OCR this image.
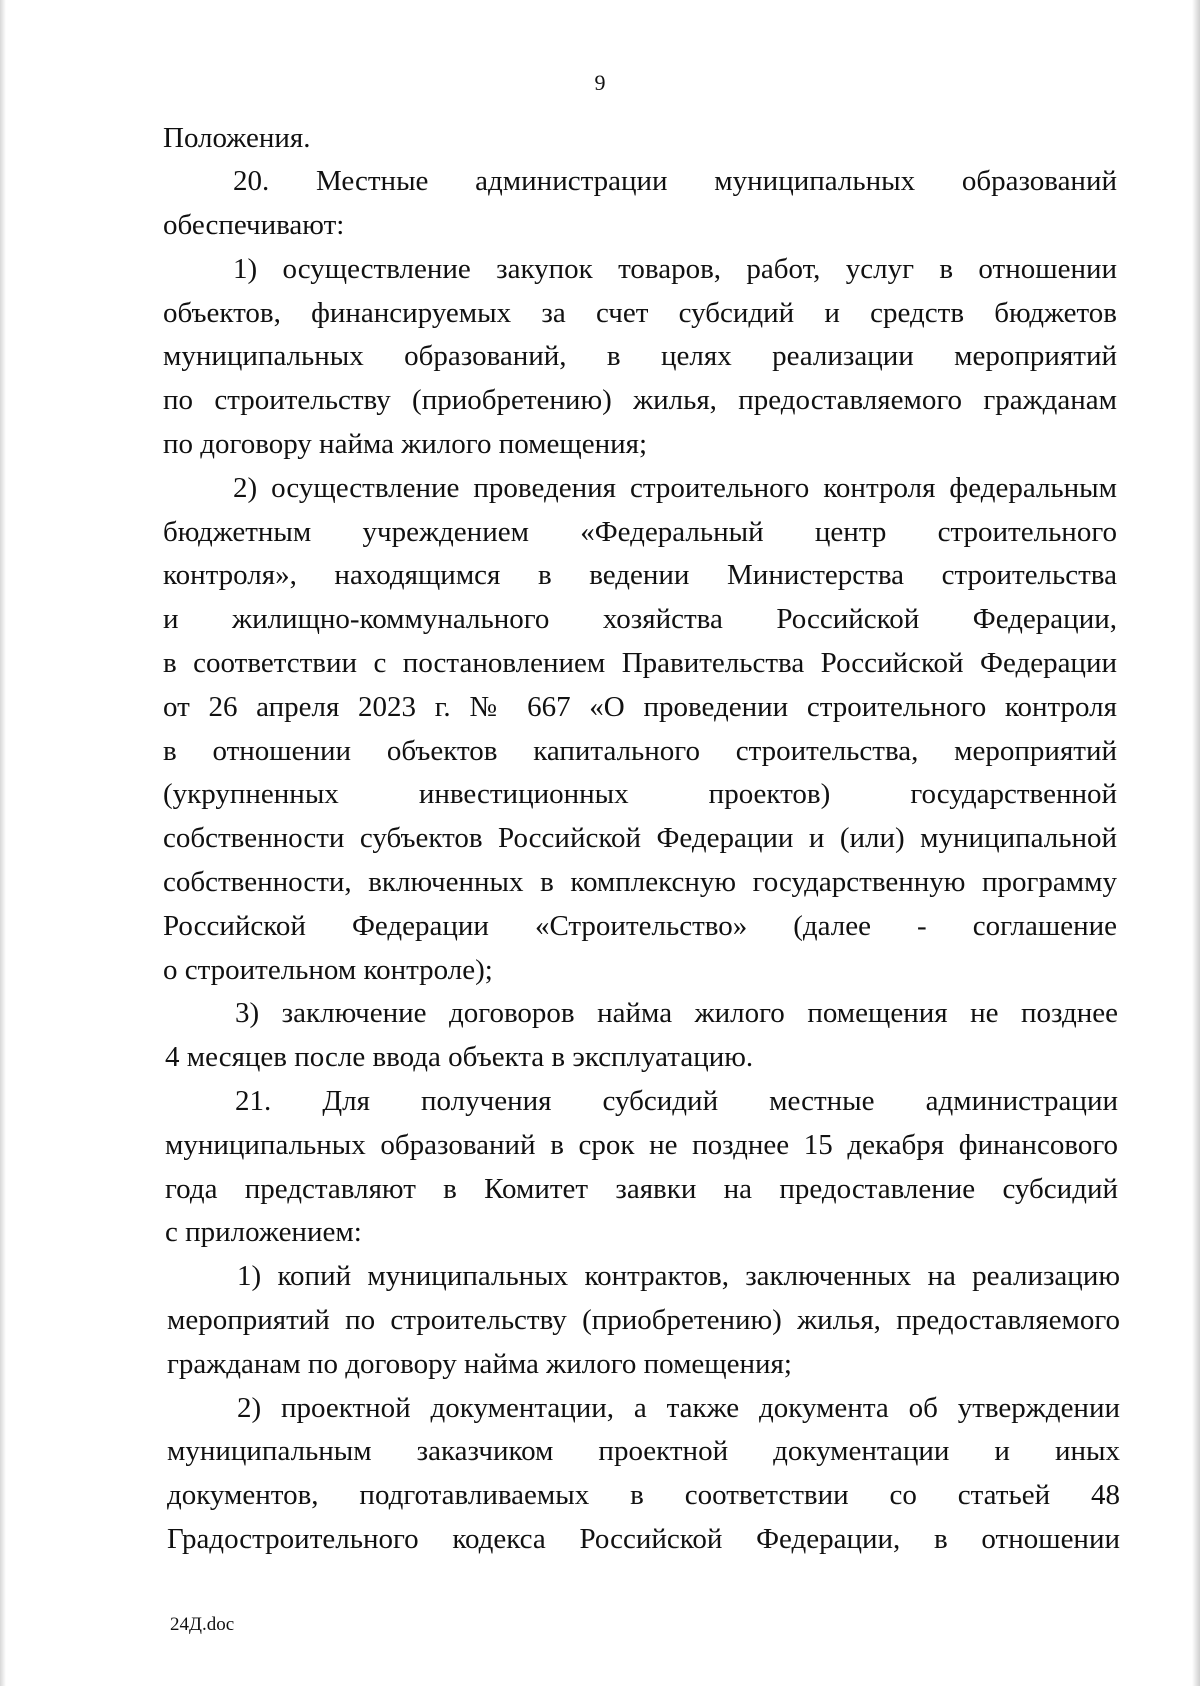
9
Положения.
20. Местные администрации муниципальных образований
обеспечивают:
1) осуществление закупок товаров, работ, услуг в отношении
объектов, финансируемых за счет субсидий и средств бюджетов
муниципальных образований, в целях реализации мероприятий
по строительству (приобретению) жилья, предоставляемого гражданам
по договору найма жилого помещения;
2) осуществление проведения строительного контроля федеральным
бюджетным учреждением «Федеральный центр строительного
контроля», находящимся в ведении Министерства строительства
и жилищно-коммунального хозяйства Российской Федерации,
в соответствии с постановлением Правительства Российской Федерации
от 26 апреля 2023 г. № 667 «О проведении строительного контроля
в отношении объектов капитального строительства, мероприятий
(укрупненных инвестиционных проектов) государственной
собственности субъектов Российской Федерации и (или) муниципальной
собственности, включенных в комплексную государственную программу
Российской Федерации «Строительство» (далее - соглашение
о строительном контроле);
3) заключение договоров найма жилого помещения не позднее
4 месяцев после ввода объекта в эксплуатацию.
21. Для получения субсидий местные администрации
муниципальных образований в срок не позднее 15 декабря финансового
года представляют в Комитет заявки на предоставление субсидий
с приложением:
1) копий муниципальных контрактов, заключенных на реализацию
мероприятий по строительству (приобретению) жилья, предоставляемого
гражданам по договору найма жилого помещения;
2) проектной документации, а также документа об утверждении
муниципальным заказчиком проектной документации и иных
документов, подготавливаемых в соответствии со статьей 48
Градостроительного кодекса Российской Федерации, в отношении
24Д.doc
